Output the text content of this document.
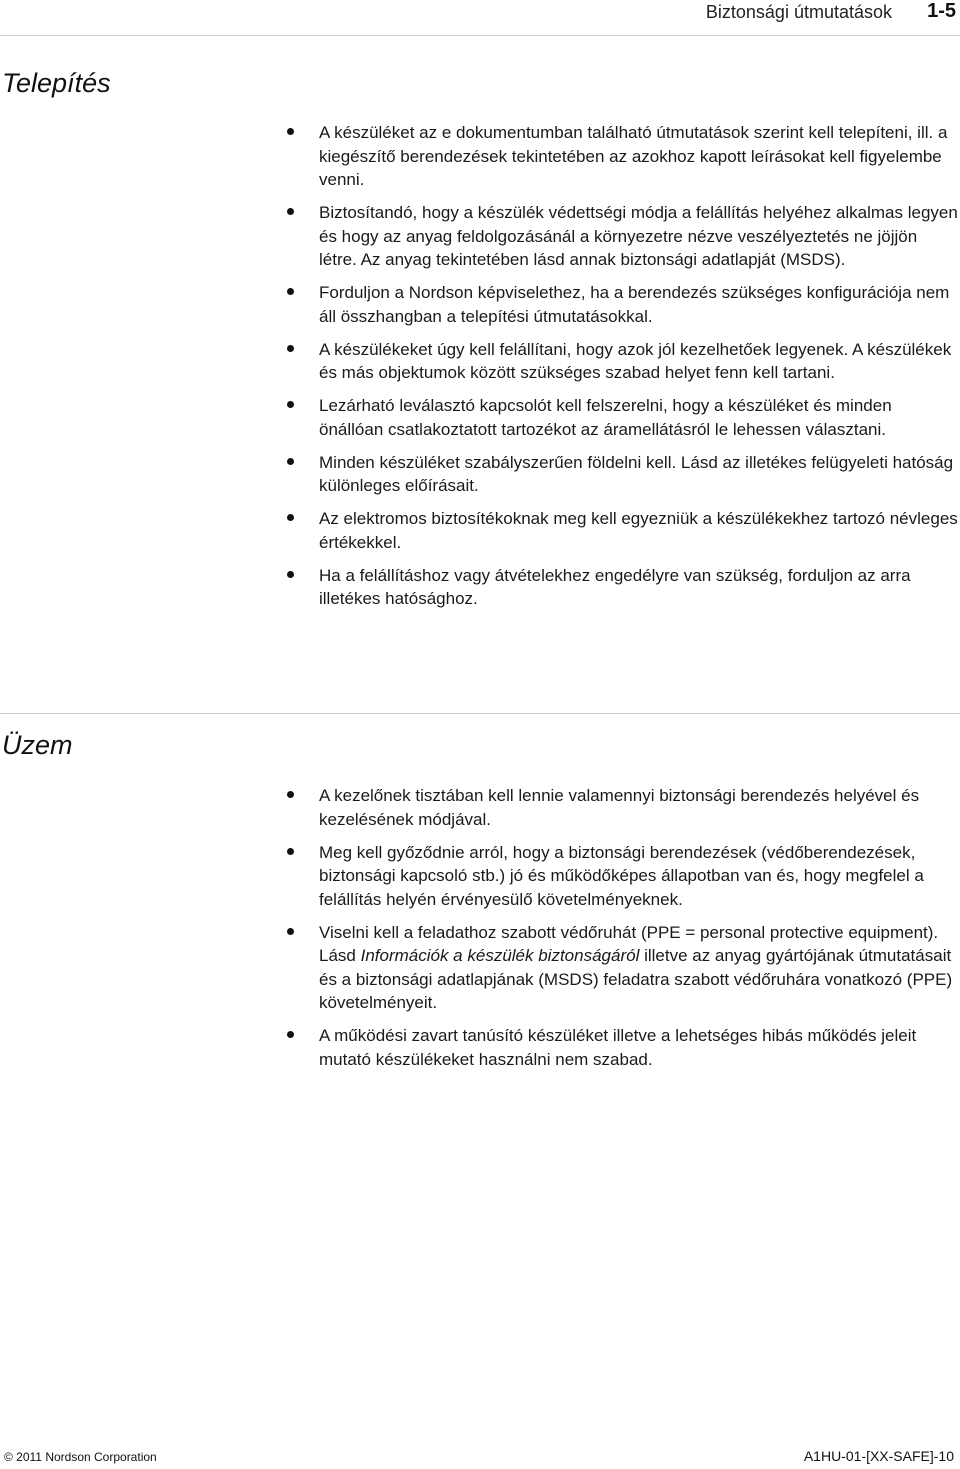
Biztonsági útmutatások 1-5
Telepítés
A készüléket az e dokumentumban található útmutatások szerint kell telepíteni, ill. a kiegészítő berendezések tekintetében az azokhoz kapott leírásokat kell figyelembe venni.
Biztosítandó, hogy a készülék védettségi módja a felállítás helyéhez alkalmas legyen és hogy az anyag feldolgozásánál a környezetre nézve veszélyeztetés ne jöjjön létre. Az anyag tekintetében lásd annak biztonsági adatlapját (MSDS).
Forduljon a Nordson képviselethez, ha a berendezés szükséges konfigurációja nem áll összhangban a telepítési útmutatásokkal.
A készülékeket úgy kell felállítani, hogy azok jól kezelhetőek legyenek. A készülékek és más objektumok között szükséges szabad helyet fenn kell tartani.
Lezárható leválasztó kapcsolót kell felszerelni, hogy a készüléket és minden önállóan csatlakoztatott tartozékot az áramellátásról le lehessen választani.
Minden készüléket szabályszerűen földelni kell. Lásd az illetékes felügyeleti hatóság különleges előírásait.
Az elektromos biztosítékoknak meg kell egyezniük a készülékekhez tartozó névleges értékekkel.
Ha a felállításhoz vagy átvételekhez engedélyre van szükség, forduljon az arra illetékes hatósághoz.
Üzem
A kezelőnek tisztában kell lennie valamennyi biztonsági berendezés helyével és kezelésének módjával.
Meg kell győződnie arról, hogy a biztonsági berendezések (védőberendezések, biztonsági kapcsoló stb.) jó és működőképes állapotban van és, hogy megfelel a felállítás helyén érvényesülő követelményeknek.
Viselni kell a feladathoz szabott védőruhát (PPE = personal protective equipment). Lásd Információk a készülék biztonságáról illetve az anyag gyártójának útmutatásait és a biztonsági adatlapjának (MSDS) feladatra szabott védőruhára vonatkozó (PPE) követelményeit.
A működési zavart tanúsító készüléket illetve a lehetséges hibás működés jeleit mutató készülékeket használni nem szabad.
© 2011 Nordson Corporation	A1HU-01-[XX-SAFE]-10
